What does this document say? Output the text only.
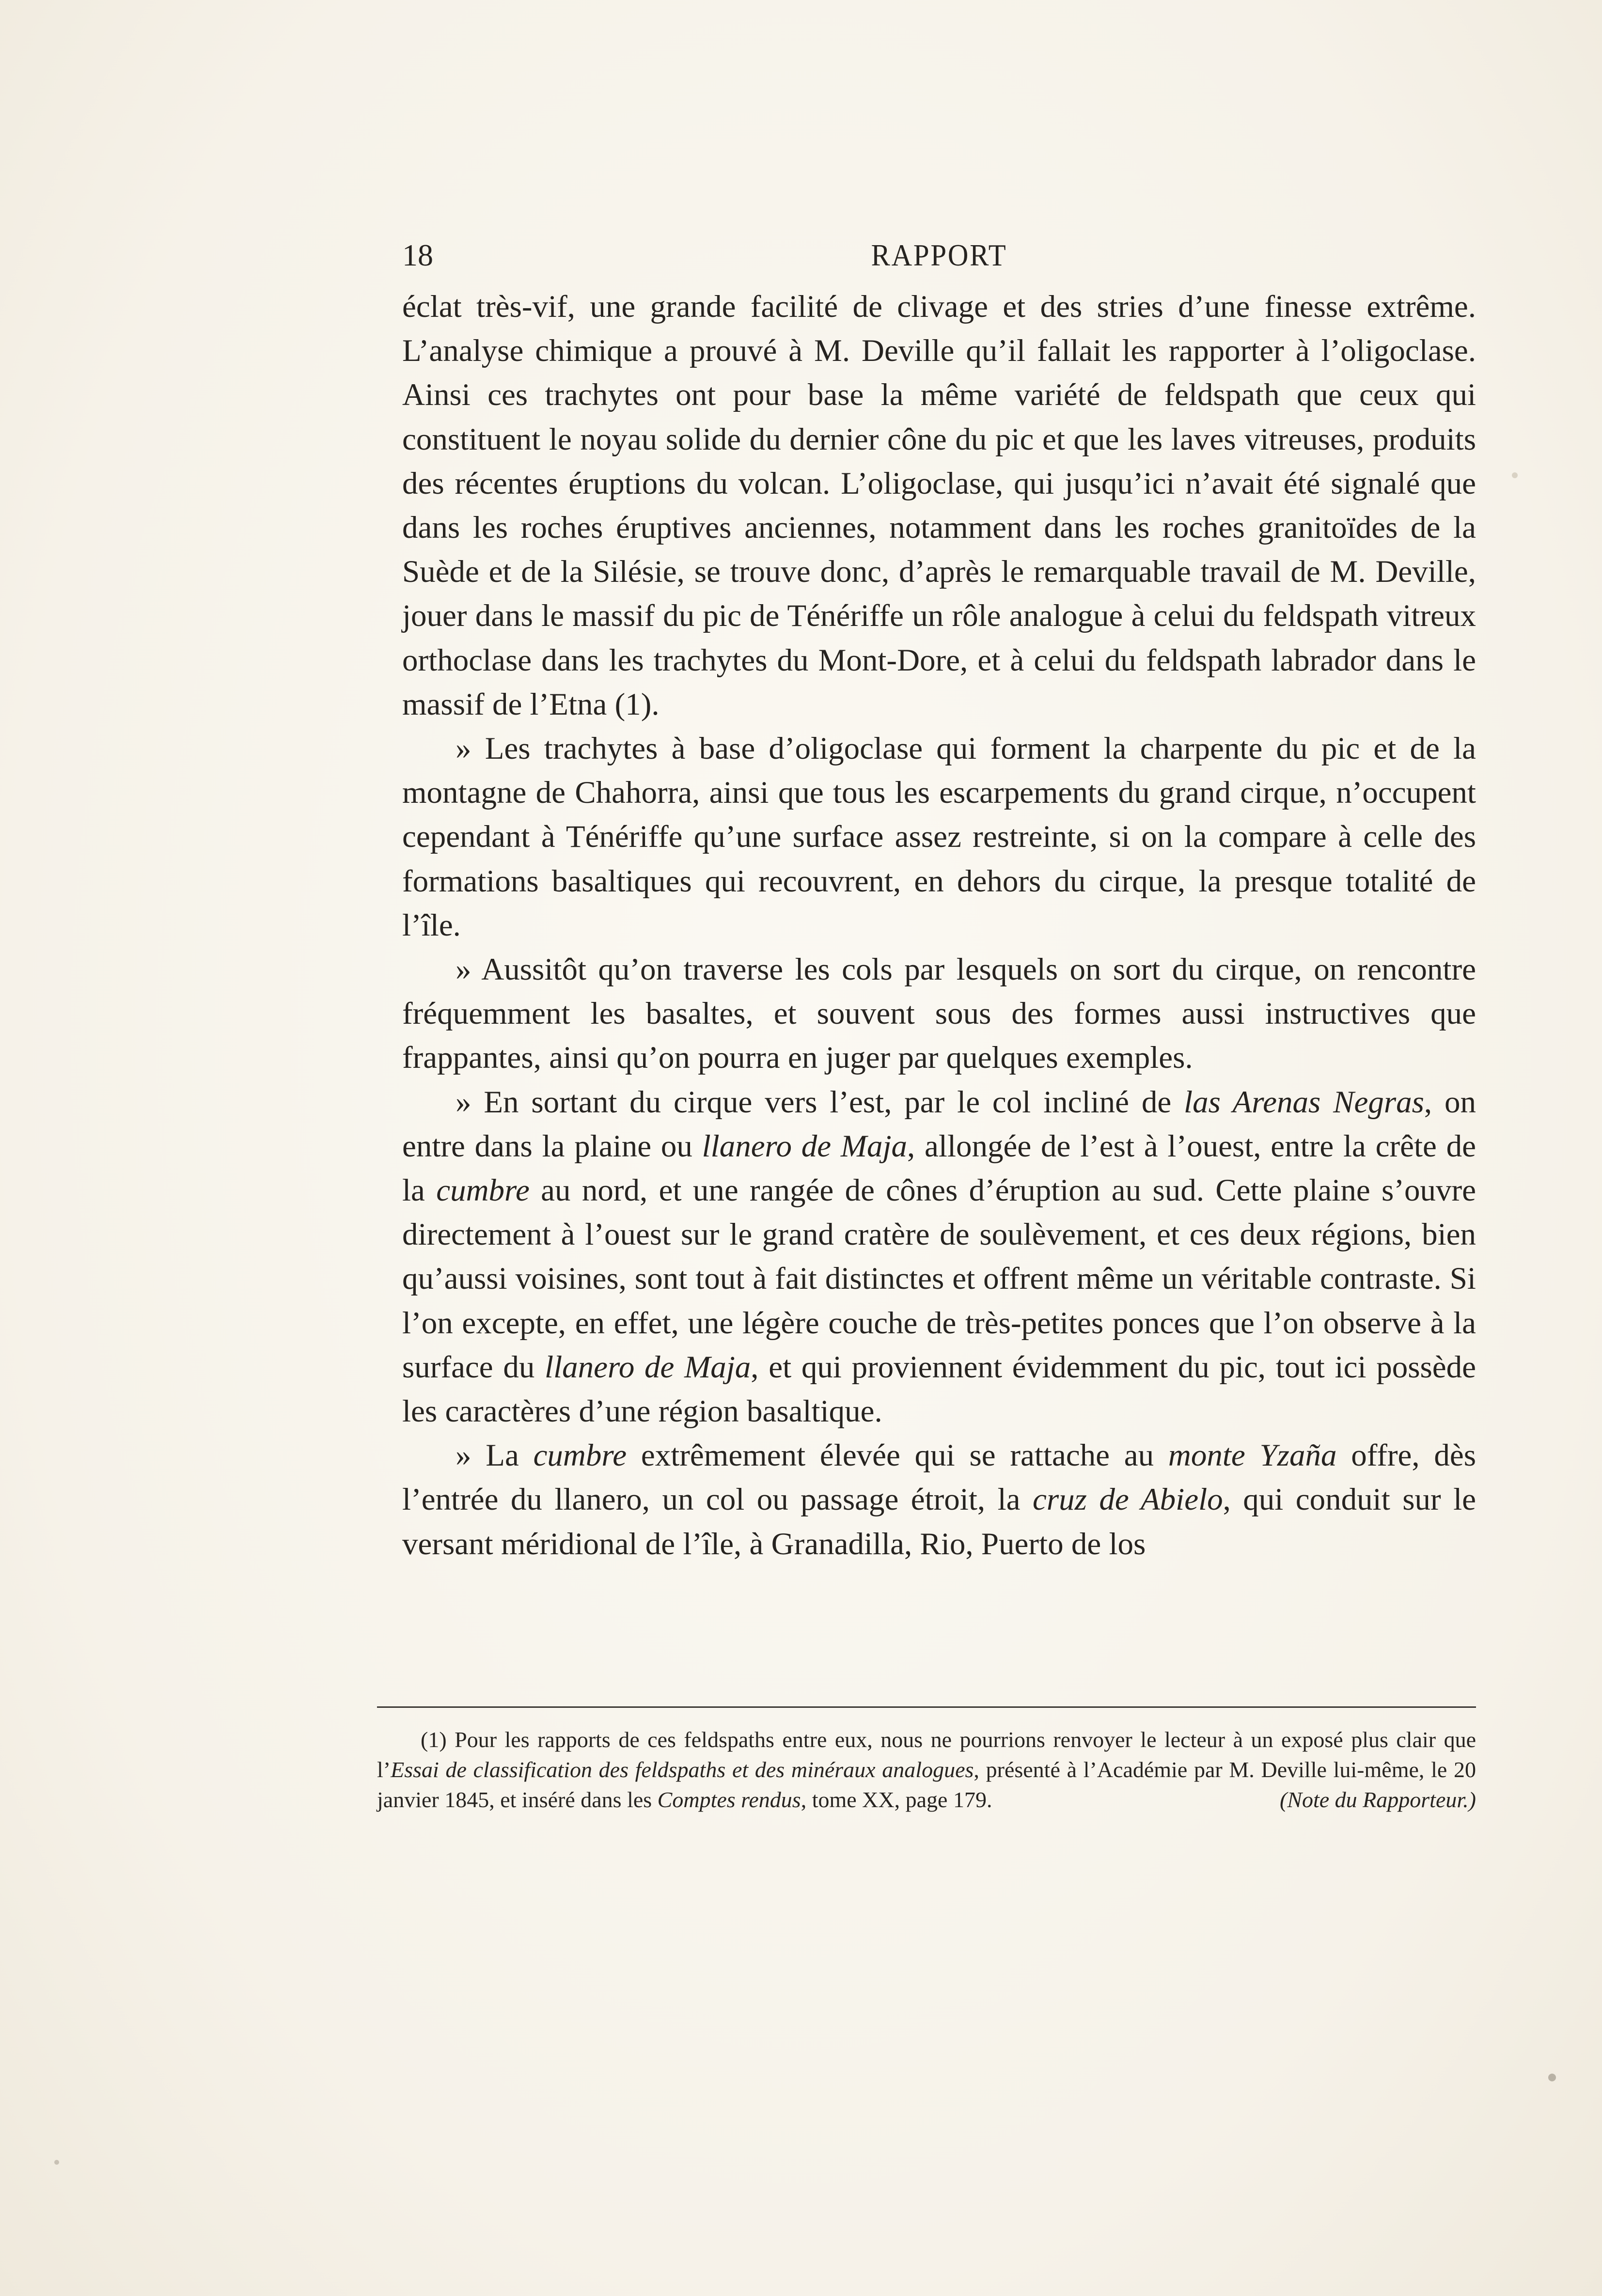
18	RAPPORT

éclat très-vif, une grande facilité de clivage et des stries d’une finesse extrême. L’analyse chimique a prouvé à M. Deville qu’il fallait les rapporter à l’oligoclase. Ainsi ces trachytes ont pour base la même variété de feldspath que ceux qui constituent le noyau solide du dernier cône du pic et que les laves vitreuses, produits des récentes éruptions du volcan. L’oligoclase, qui jusqu’ici n’avait été signalé que dans les roches éruptives anciennes, notamment dans les roches granitoïdes de la Suède et de la Silésie, se trouve donc, d’après le remarquable travail de M. Deville, jouer dans le massif du pic de Ténériffe un rôle analogue à celui du feldspath vitreux orthoclase dans les trachytes du Mont-Dore, et à celui du feldspath labrador dans le massif de l’Etna (1).

» Les trachytes à base d’oligoclase qui forment la charpente du pic et de la montagne de Chahorra, ainsi que tous les escarpements du grand cirque, n’occupent cependant à Ténériffe qu’une surface assez restreinte, si on la compare à celle des formations basaltiques qui recouvrent, en dehors du cirque, la presque totalité de l’île.

» Aussitôt qu’on traverse les cols par lesquels on sort du cirque, on rencontre fréquemment les basaltes, et souvent sous des formes aussi instructives que frappantes, ainsi qu’on pourra en juger par quelques exemples.

» En sortant du cirque vers l’est, par le col incliné de las Arenas Negras, on entre dans la plaine ou llanero de Maja, allongée de l’est à l’ouest, entre la crête de la cumbre au nord, et une rangée de cônes d’éruption au sud. Cette plaine s’ouvre directement à l’ouest sur le grand cratère de soulèvement, et ces deux régions, bien qu’aussi voisines, sont tout à fait distinctes et offrent même un véritable contraste. Si l’on excepte, en effet, une légère couche de très-petites ponces que l’on observe à la surface du llanero de Maja, et qui proviennent évidemment du pic, tout ici possède les caractères d’une région basaltique.

» La cumbre extrêmement élevée qui se rattache au monte Yzaña offre, dès l’entrée du llanero, un col ou passage étroit, la cruz de Abielo, qui conduit sur le versant méridional de l’île, à Granadilla, Rio, Puerto de los

(1) Pour les rapports de ces feldspaths entre eux, nous ne pourrions renvoyer le lecteur à un exposé plus clair que l’Essai de classification des feldspaths et des minéraux analogues, présenté à l’Académie par M. Deville lui-même, le 20 janvier 1845, et inséré dans les Comptes rendus, tome XX, page 179.	(Note du Rapporteur.)
